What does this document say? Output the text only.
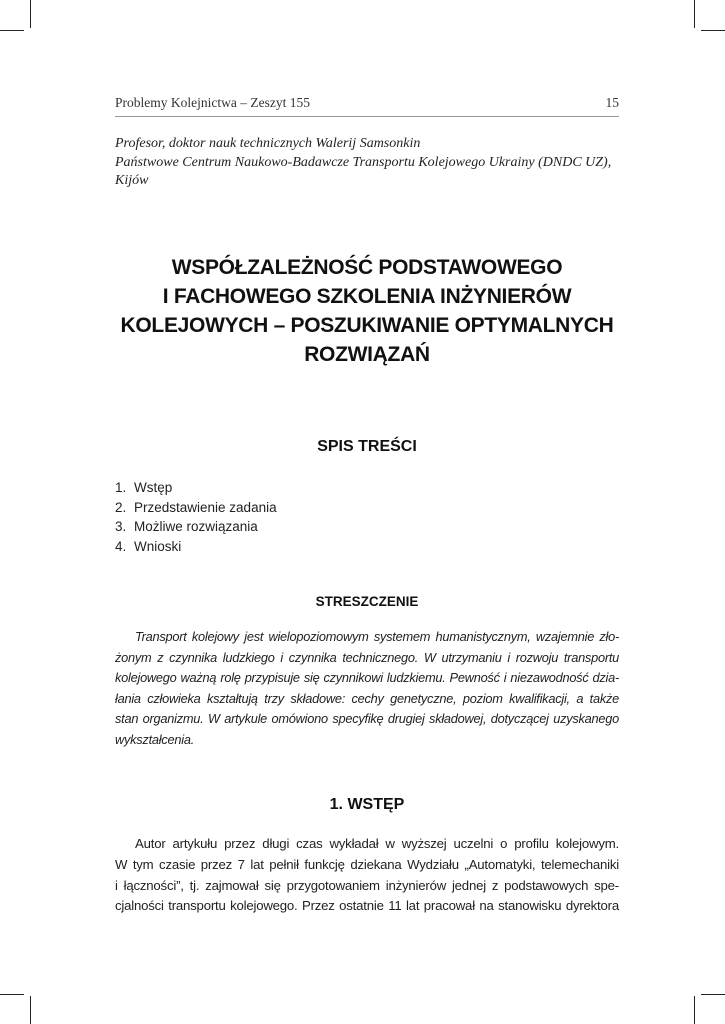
Problemy Kolejnictwa – Zeszyt 155	15
Profesor, doktor nauk technicznych Walerij Samsonkin
Państwowe Centrum Naukowo-Badawcze Transportu Kolejowego Ukrainy (DNDC UZ),
Kijów
WSPÓŁZALEŻNOŚĆ PODSTAWOWEGO
I FACHOWEGO SZKOLENIA INŻYNIERÓW
KOLEJOWYCH – POSZUKIWANIE OPTYMALNYCH
ROZWIĄZAŃ
SPIS TREŚCI
1. Wstęp
2. Przedstawienie zadania
3. Możliwe rozwiązania
4. Wnioski
STRESZCZENIE
Transport kolejowy jest wielopoziomowym systemem humanistycznym, wzajemnie zło-
żonym z czynnika ludzkiego i czynnika technicznego. W utrzymaniu i rozwoju transportu
kolejowego ważną rolę przypisuje się czynnikowi ludzkiemu. Pewność i niezawodność dzia-
łania człowieka kształtują trzy składowe: cechy genetyczne, poziom kwalifikacji, a także
stan organizmu. W artykule omówiono specyfikę drugiej składowej, dotyczącej uzyskanego
wykształcenia.
1. WSTĘP
Autor artykułu przez długi czas wykładał w wyższej uczelni o profilu kolejowym.
W tym czasie przez 7 lat pełnił funkcję dziekana Wydziału „Automatyki, telemechaniki
i łączności”, tj. zajmował się przygotowaniem inżynierów jednej z podstawowych spe-
cjalności transportu kolejowego. Przez ostatnie 11 lat pracował na stanowisku dyrektora
